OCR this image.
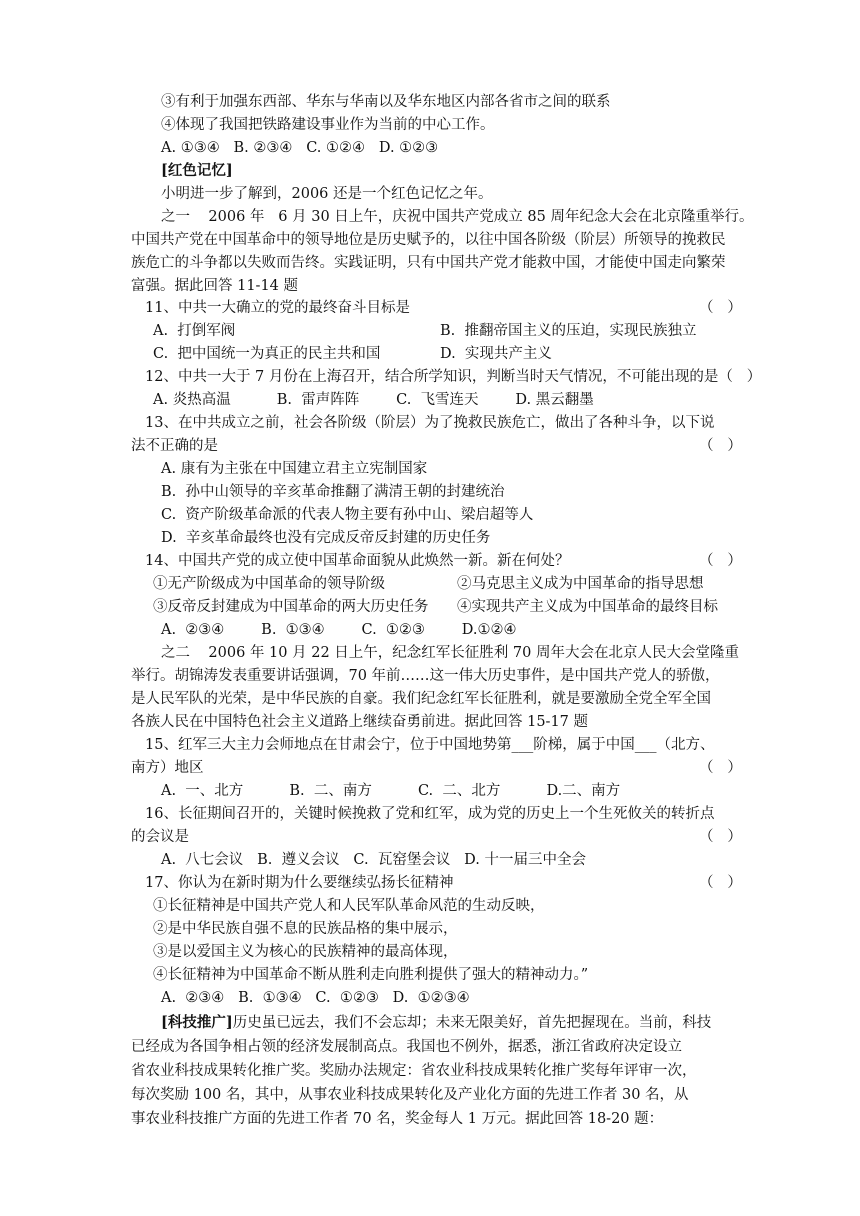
③有利于加强东西部、华东与华南以及华东地区内部各省市之间的联系
④体现了我国把铁路建设事业作为当前的中心工作。
A. ①③④   B. ②③④   C. ①②④   D. ①②③
[红色记忆]
小明进一步了解到，2006 还是一个红色记忆之年。
之一    2006 年   6 月 30 日上午，庆祝中国共产党成立 85 周年纪念大会在北京隆重举行。
中国共产党在中国革命中的领导地位是历史赋予的，以往中国各阶级（阶层）所领导的挽救民
族危亡的斗争都以失败而告终。实践证明，只有中国共产党才能救中国，才能使中国走向繁荣
富强。据此回答 11-14 题
11、中共一大确立的党的最终奋斗目标是	（   ）
A.  打倒军阀	B.  推翻帝国主义的压迫，实现民族独立
C.  把中国统一为真正的民主共和国	D.  实现共产主义
12、中共一大于 7 月份在上海召开，结合所学知识，判断当时天气情况，不可能出现的是（   ）
A. 炎热高温          B.  雷声阵阵        C.  飞雪连天        D. 黑云翻墨
13、在中共成立之前，社会各阶级（阶层）为了挽救民族危亡，做出了各种斗争，以下说
法不正确的是	（   ）
A. 康有为主张在中国建立君主立宪制国家
B.  孙中山领导的辛亥革命推翻了满清王朝的封建统治
C.  资产阶级革命派的代表人物主要有孙中山、梁启超等人
D.  辛亥革命最终也没有完成反帝反封建的历史任务
14、中国共产党的成立使中国革命面貌从此焕然一新。新在何处？	（   ）
①无产阶级成为中国革命的领导阶级	②马克思主义成为中国革命的指导思想
③反帝反封建成为中国革命的两大历史任务 ④实现共产主义成为中国革命的最终目标
A.  ②③④        B.  ①③④        C.  ①②③        D.①②④
之二    2006 年 10 月 22 日上午，纪念红军长征胜利 70 周年大会在北京人民大会堂隆重
举行。胡锦涛发表重要讲话强调，70 年前……这一伟大历史事件，是中国共产党人的骄傲，
是人民军队的光荣，是中华民族的自豪。我们纪念红军长征胜利，就是要激励全党全军全国
各族人民在中国特色社会主义道路上继续奋勇前进。据此回答 15-17 题
15、红军三大主力会师地点在甘肃会宁，位于中国地势第___阶梯，属于中国___（北方、
南方）地区	（   ）
A.  一、北方          B.  二、南方          C.  二、北方          D.二、南方
16、长征期间召开的，关键时候挽救了党和红军，成为党的历史上一个生死攸关的转折点
的会议是	（   ）
A.  八七会议   B.  遵义会议   C.  瓦窑堡会议   D. 十一届三中全会
17、你认为在新时期为什么要继续弘扬长征精神	（   ）
①长征精神是中国共产党人和人民军队革命风范的生动反映，
②是中华民族自强不息的民族品格的集中展示，
③是以爱国主义为核心的民族精神的最高体现，
④长征精神为中国革命不断从胜利走向胜利提供了强大的精神动力。”
A.  ②③④   B.  ①③④   C.  ①②③   D.  ①②③④
[科技推广]历史虽已远去，我们不会忘却；未来无限美好，首先把握现在。当前，科技
已经成为各国争相占领的经济发展制高点。我国也不例外，据悉，浙江省政府决定设立
省农业科技成果转化推广奖。奖励办法规定：省农业科技成果转化推广奖每年评审一次，
每次奖励 100 名，其中，从事农业科技成果转化及产业化方面的先进工作者 30 名，从
事农业科技推广方面的先进工作者 70 名，奖金每人 1 万元。据此回答 18-20 题：
